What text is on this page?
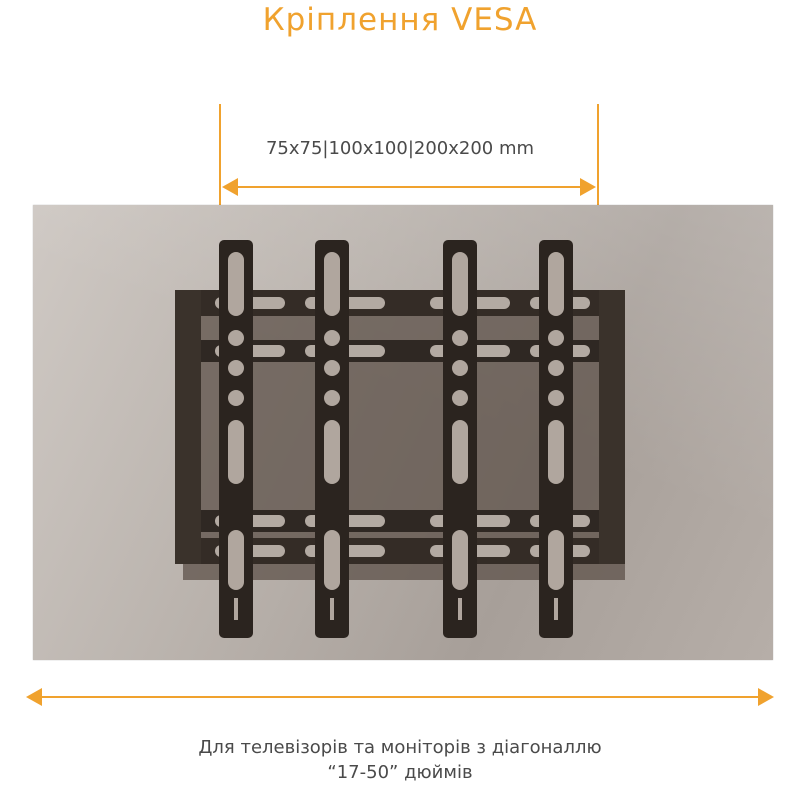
Кріплення VESA
75x75|100x100|200x200 mm
Для телевізорів та моніторів з діагоналлю
“17-50” дюймів
